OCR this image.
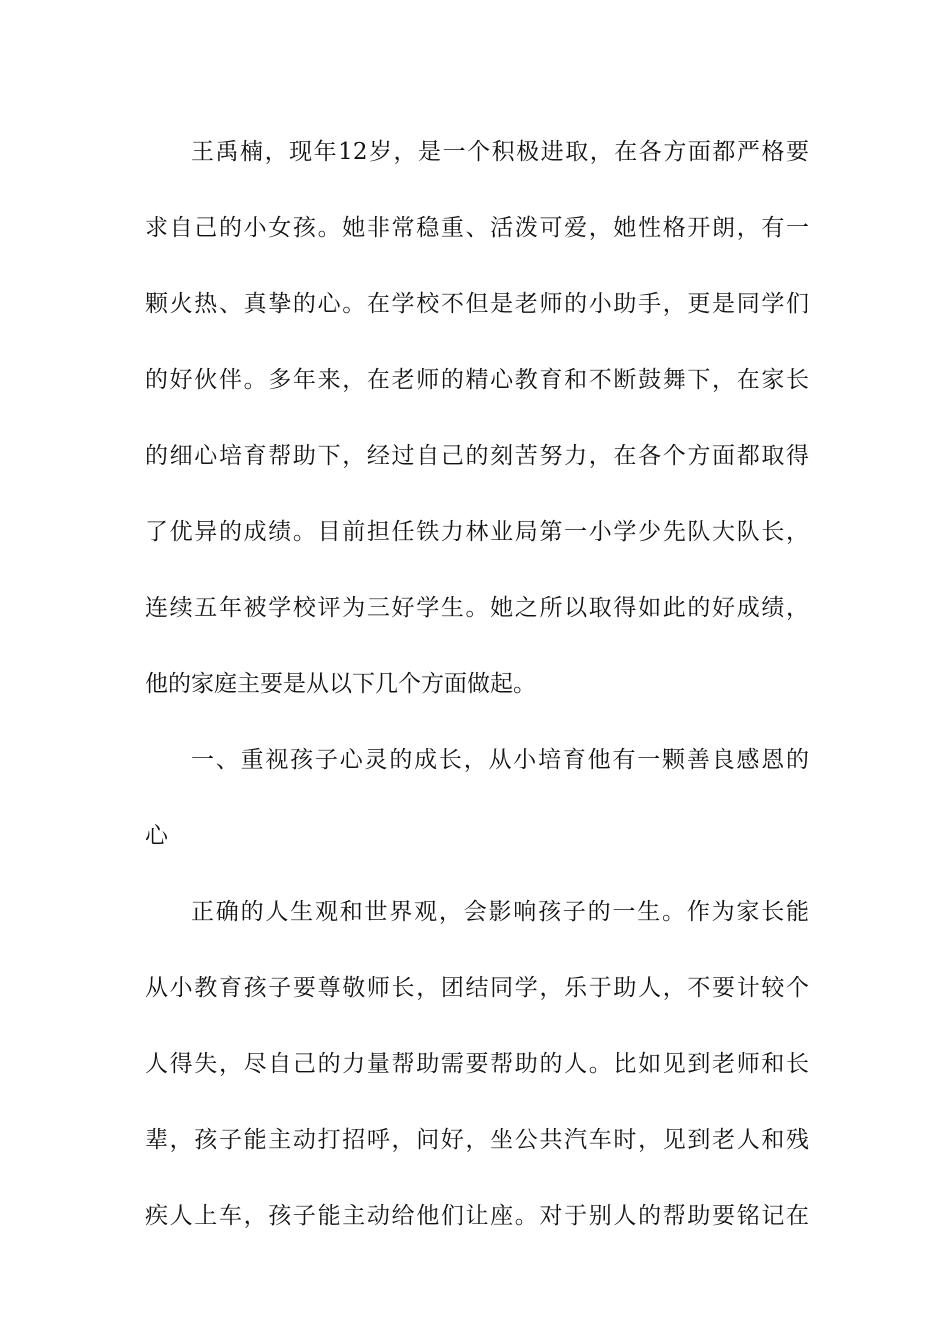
王禹楠，现年12岁，是一个积极进取，在各方面都严格要
求自己的小女孩。她非常稳重、活泼可爱，她性格开朗，有一
颗火热、真挚的心。在学校不但是老师的小助手，更是同学们
的好伙伴。多年来，在老师的精心教育和不断鼓舞下，在家长
的细心培育帮助下，经过自己的刻苦努力，在各个方面都取得
了优异的成绩。目前担任铁力林业局第一小学少先队大队长，
连续五年被学校评为三好学生。她之所以取得如此的好成绩，
他的家庭主要是从以下几个方面做起。
一、重视孩子心灵的成长，从小培育他有一颗善良感恩的
心
正确的人生观和世界观，会影响孩子的一生。作为家长能
从小教育孩子要尊敬师长，团结同学，乐于助人，不要计较个
人得失，尽自己的力量帮助需要帮助的人。比如见到老师和长
辈，孩子能主动打招呼，问好，坐公共汽车时，见到老人和残
疾人上车，孩子能主动给他们让座。对于别人的帮助要铭记在
